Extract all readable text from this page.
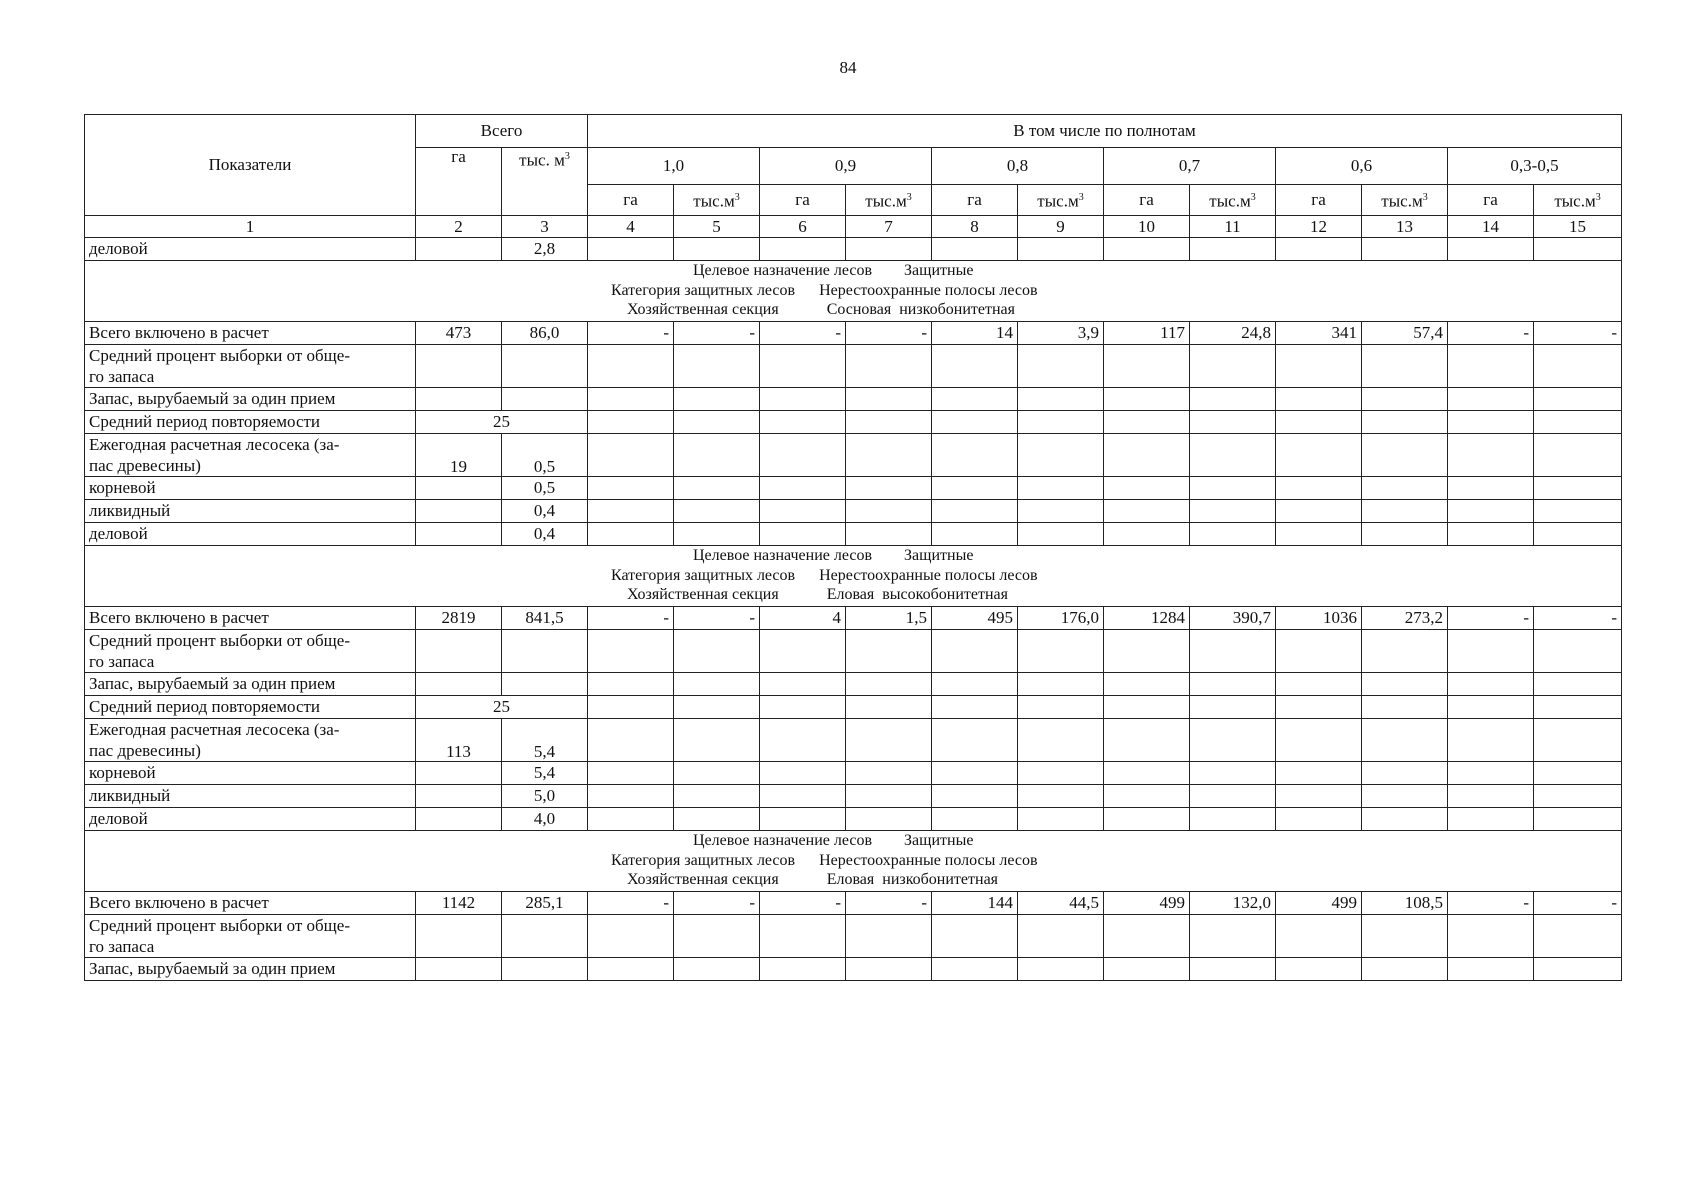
84
Показатели	Всего		В том числе по полнотам											
	га	тыс. $м^3$	1,0		0,9		0,8		0,7		0,6		0,3-0,5	
			га	$тыс.м^3$	га	$тыс.м^3$	га	$тыс.м^3$	га	$тыс.м^3$	га	$тыс.м^3$	га	$тыс.м^3$
1	2	3	4	5	6	7	8	9	10	11	12	13	14	15
деловой		2,8												

Целевое назначение лесов        Защитные
Категория защитных лесов      Нерестоохранные полосы лесов
Хозяйственная секция            Сосновая  низкобонитетная														

Всего включено в расчет	473	86,0	-	-	-	-	14	3,9	117	24,8	341	57,4	-	-
Средний процент выборки от обще-
го запаса														
Запас, вырубаемый за один прием														
Средний период повторяемости	25													
Ежегодная расчетная лесосека (за-
пас древесины)	19	0,5												
корневой		0,5												
ликвидный		0,4												
деловой		0,4												

Целевое назначение лесов        Защитные
Категория защитных лесов      Нерестоохранные полосы лесов
Хозяйственная секция            Еловая  высокобонитетная														

Всего включено в расчет	2819	841,5	-	-	4	1,5	495	176,0	1284	390,7	1036	273,2	-	-
Средний процент выборки от обще-
го запаса														
Запас, вырубаемый за один прием														
Средний период повторяемости	25													
Ежегодная расчетная лесосека (за-
пас древесины)	113	5,4												
корневой		5,4												
ликвидный		5,0												
деловой		4,0												

Целевое назначение лесов        Защитные
Категория защитных лесов      Нерестоохранные полосы лесов
Хозяйственная секция            Еловая  низкобонитетная														

Всего включено в расчет	1142	285,1	-	-	-	-	144	44,5	499	132,0	499	108,5	-	-
Средний процент выборки от обще-
го запаса														
Запас, вырубаемый за один прием														
